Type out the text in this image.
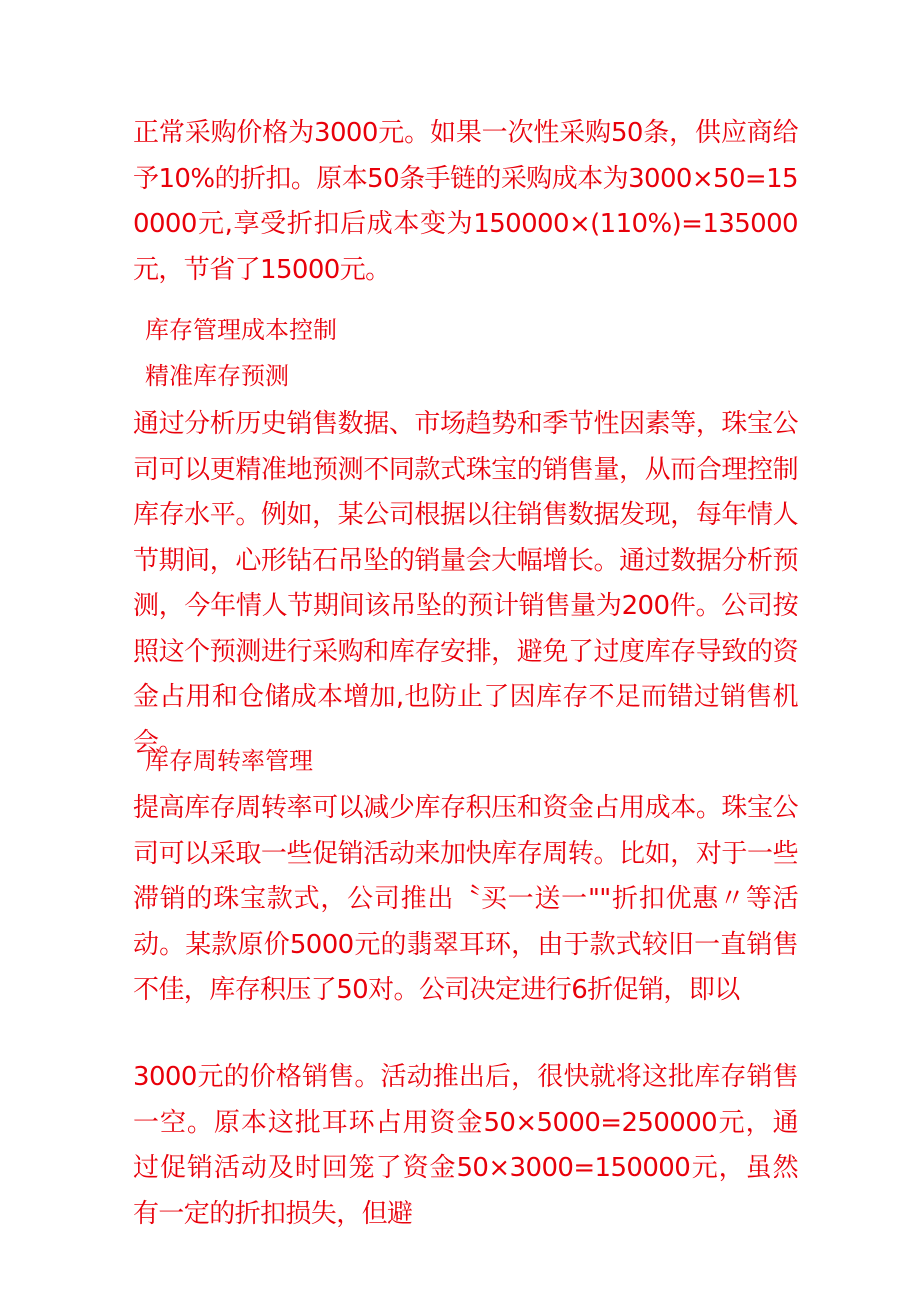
正常采购价格为3000元。如果一次性采购50条，供应商给予10%的折扣。原本50条手链的采购成本为3000×50=150000元,享受折扣后成本变为150000×(110%)=135000元，节省了15000元。

库存管理成本控制

精准库存预测

通过分析历史销售数据、市场趋势和季节性因素等，珠宝公司可以更精准地预测不同款式珠宝的销售量，从而合理控制库存水平。例如，某公司根据以往销售数据发现，每年情人节期间，心形钻石吊坠的销量会大幅增长。通过数据分析预测，今年情人节期间该吊坠的预计销售量为200件。公司按照这个预测进行采购和库存安排，避免了过度库存导致的资金占用和仓储成本增加,也防止了因库存不足而错过销售机会。

库存周转率管理

提高库存周转率可以减少库存积压和资金占用成本。珠宝公司可以采取一些促销活动来加快库存周转。比如，对于一些滞销的珠宝款式，公司推出〝买一送一""折扣优惠〃等活动。某款原价5000元的翡翠耳环，由于款式较旧一直销售不佳，库存积压了50对。公司决定进行6折促销，即以

3000元的价格销售。活动推出后，很快就将这批库存销售一空。原本这批耳环占用资金50×5000=250000元，通过促销活动及时回笼了资金50×3000=150000元，虽然有一定的折扣损失，但避
